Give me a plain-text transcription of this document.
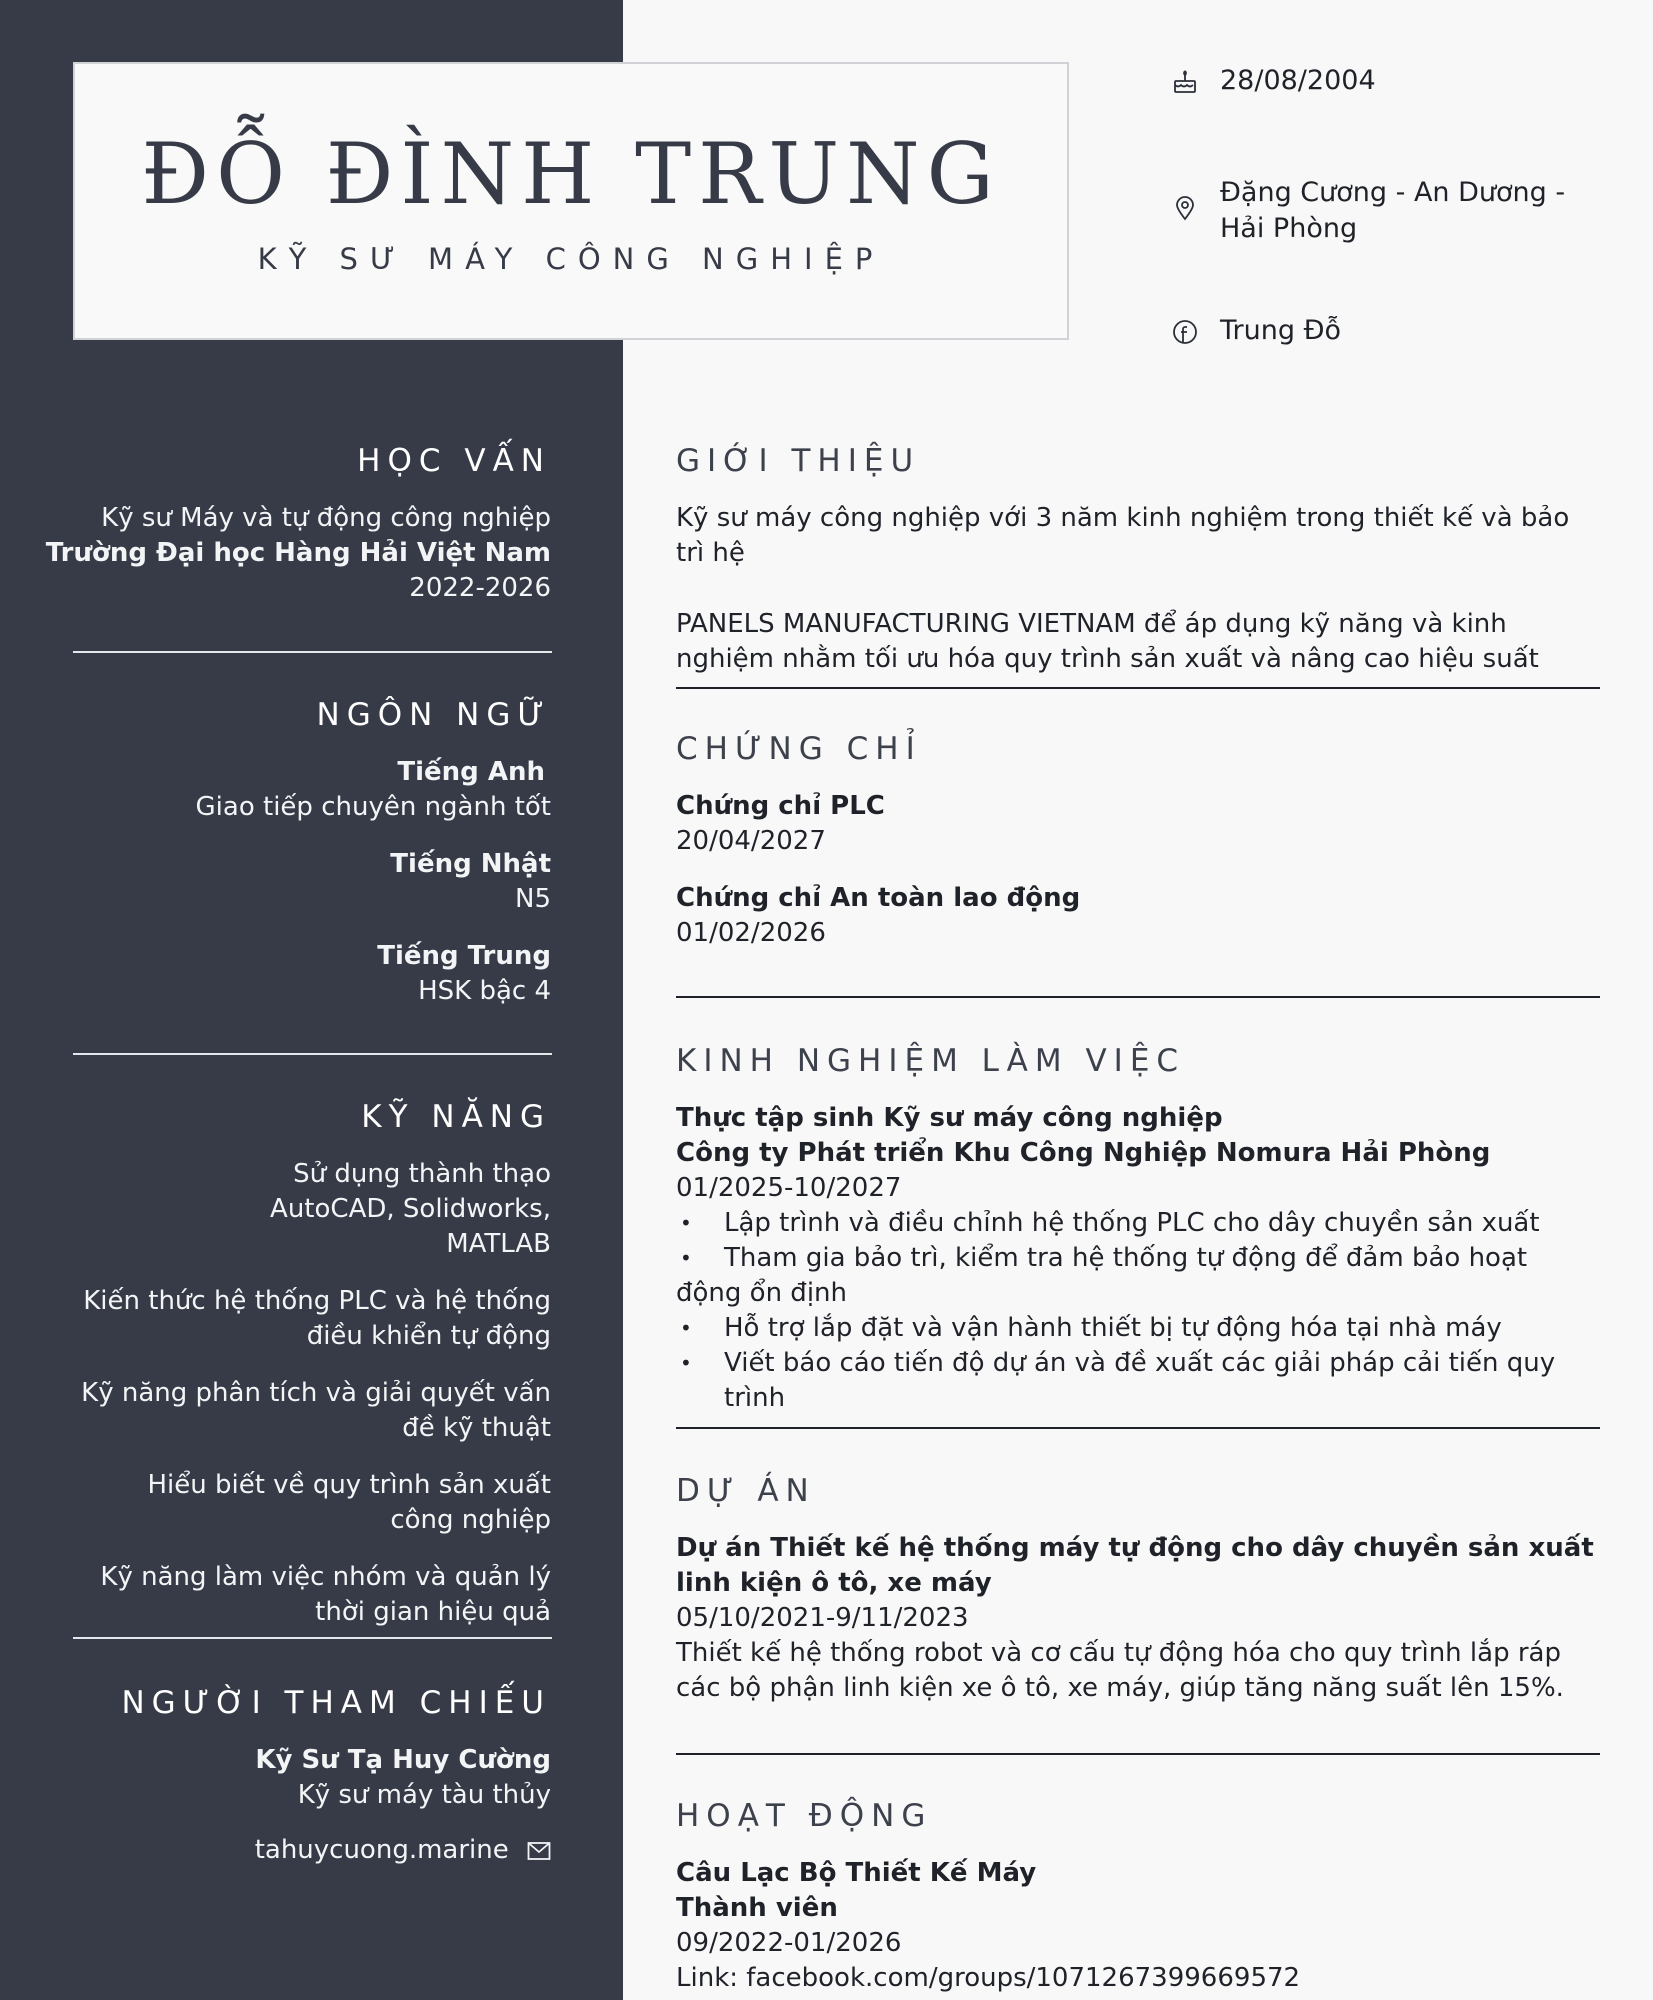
ĐỖ ĐÌNH TRUNG
KỸ SƯ MÁY CÔNG NGHIỆP
28/08/2004
Đặng Cương - An Dương - Hải Phòng
Trung Đỗ
HỌC VẤN
Kỹ sư Máy và tự động công nghiệp
Trường Đại học Hàng Hải Việt Nam
2022-2026
NGÔN NGỮ
Tiếng Anh
Giao tiếp chuyên ngành tốt
Tiếng Nhật
N5
Tiếng Trung
HSK bậc 4
KỸ NĂNG
Sử dụng thành thạo AutoCAD, Solidworks, MATLAB
Kiến thức hệ thống PLC và hệ thống điều khiển tự động
Kỹ năng phân tích và giải quyết vấn đề kỹ thuật
Hiểu biết về quy trình sản xuất công nghiệp
Kỹ năng làm việc nhóm và quản lý thời gian hiệu quả
NGƯỜI THAM CHIẾU
Kỹ Sư Tạ Huy Cường
Kỹ sư máy tàu thủy
tahuycuong.marine
GIỚI THIỆU
Kỹ sư máy công nghiệp với 3 năm kinh nghiệm trong thiết kế và bảo trì hệ
PANELS MANUFACTURING VIETNAM để áp dụng kỹ năng và kinh nghiệm nhằm tối ưu hóa quy trình sản xuất và nâng cao hiệu suất
CHỨNG CHỈ
Chứng chỉ PLC
20/04/2027
Chứng chỉ An toàn lao động
01/02/2026
KINH NGHIỆM LÀM VIỆC
Thực tập sinh Kỹ sư máy công nghiệp
Công ty Phát triển Khu Công Nghiệp Nomura Hải Phòng
01/2025-10/2027
• Lập trình và điều chỉnh hệ thống PLC cho dây chuyền sản xuất
• Tham gia bảo trì, kiểm tra hệ thống tự động để đảm bảo hoạt động ổn định
• Hỗ trợ lắp đặt và vận hành thiết bị tự động hóa tại nhà máy
• Viết báo cáo tiến độ dự án và đề xuất các giải pháp cải tiến quy trình
DỰ ÁN
Dự án Thiết kế hệ thống máy tự động cho dây chuyền sản xuất linh kiện ô tô, xe máy
05/10/2021-9/11/2023
Thiết kế hệ thống robot và cơ cấu tự động hóa cho quy trình lắp ráp các bộ phận linh kiện xe ô tô, xe máy, giúp tăng năng suất lên 15%.
HOẠT ĐỘNG
Câu Lạc Bộ Thiết Kế Máy
Thành viên
09/2022-01/2026
Link: facebook.com/groups/1071267399669572
